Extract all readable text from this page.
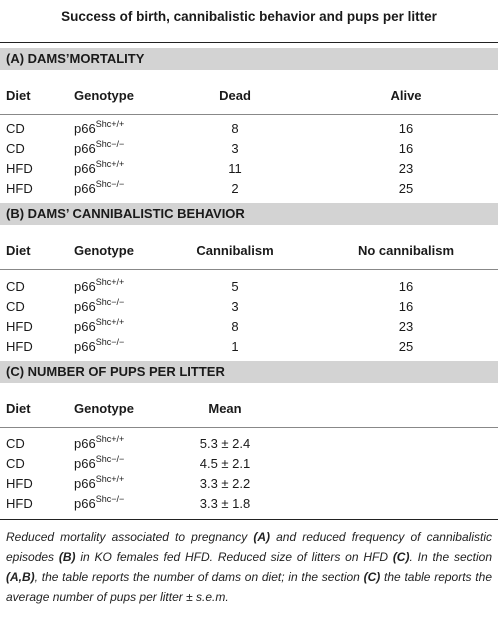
Success of birth, cannibalistic behavior and pups per litter
(A) DAMS’MORTALITY
Diet	Genotype	Dead	Alive
CD	$p66^{Shc+/+}$	8	16
CD	$p66^{Shc-/-}$	3	16
HFD	$p66^{Shc+/+}$	11	23
HFD	$p66^{Shc-/-}$	2	25
(B) DAMS’ CANNIBALISTIC BEHAVIOR
Diet	Genotype	Cannibalism	No cannibalism
CD	$p66^{Shc+/+}$	5	16
CD	$p66^{Shc-/-}$	3	16
HFD	$p66^{Shc+/+}$	8	23
HFD	$p66^{Shc-/-}$	1	25
(C) NUMBER OF PUPS PER LITTER
Diet	Genotype	Mean
CD	$p66^{Shc+/+}$	5.3 ± 2.4
CD	$p66^{Shc-/-}$	4.5 ± 2.1
HFD	$p66^{Shc+/+}$	3.3 ± 2.2
HFD	$p66^{Shc-/-}$	3.3 ± 1.8
Reduced mortality associated to pregnancy (A) and reduced frequency of cannibalistic episodes (B) in KO females fed HFD. Reduced size of litters on HFD (C). In the section (A,B), the table reports the number of dams on diet; in the section (C) the table reports the average number of pups per litter ± s.e.m.
